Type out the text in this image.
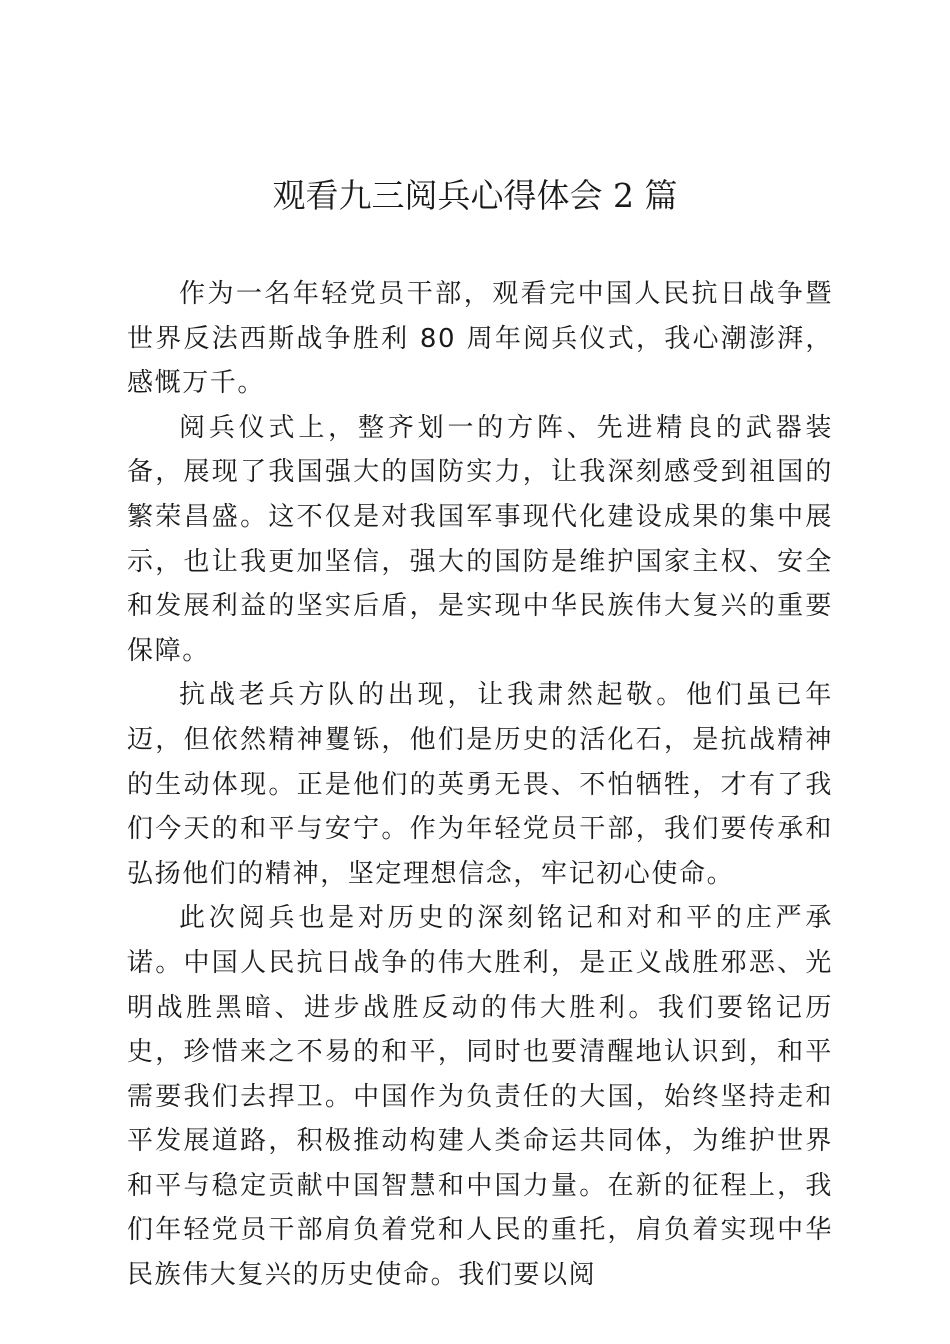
观看九三阅兵心得体会 2 篇

作为一名年轻党员干部，观看完中国人民抗日战争暨世界反法西斯战争胜利 80 周年阅兵仪式，我心潮澎湃，感慨万千。

阅兵仪式上，整齐划一的方阵、先进精良的武器装备，展现了我国强大的国防实力，让我深刻感受到祖国的繁荣昌盛。这不仅是对我国军事现代化建设成果的集中展示，也让我更加坚信，强大的国防是维护国家主权、安全和发展利益的坚实后盾，是实现中华民族伟大复兴的重要保障。

抗战老兵方队的出现，让我肃然起敬。他们虽已年迈，但依然精神矍铄，他们是历史的活化石，是抗战精神的生动体现。正是他们的英勇无畏、不怕牺牲，才有了我们今天的和平与安宁。作为年轻党员干部，我们要传承和弘扬他们的精神，坚定理想信念，牢记初心使命。

此次阅兵也是对历史的深刻铭记和对和平的庄严承诺。中国人民抗日战争的伟大胜利，是正义战胜邪恶、光明战胜黑暗、进步战胜反动的伟大胜利。我们要铭记历史，珍惜来之不易的和平，同时也要清醒地认识到，和平需要我们去捍卫。中国作为负责任的大国，始终坚持走和平发展道路，积极推动构建人类命运共同体，为维护世界和平与稳定贡献中国智慧和中国力量。在新的征程上，我们年轻党员干部肩负着党和人民的重托，肩负着实现中华民族伟大复兴的历史使命。我们要以阅
